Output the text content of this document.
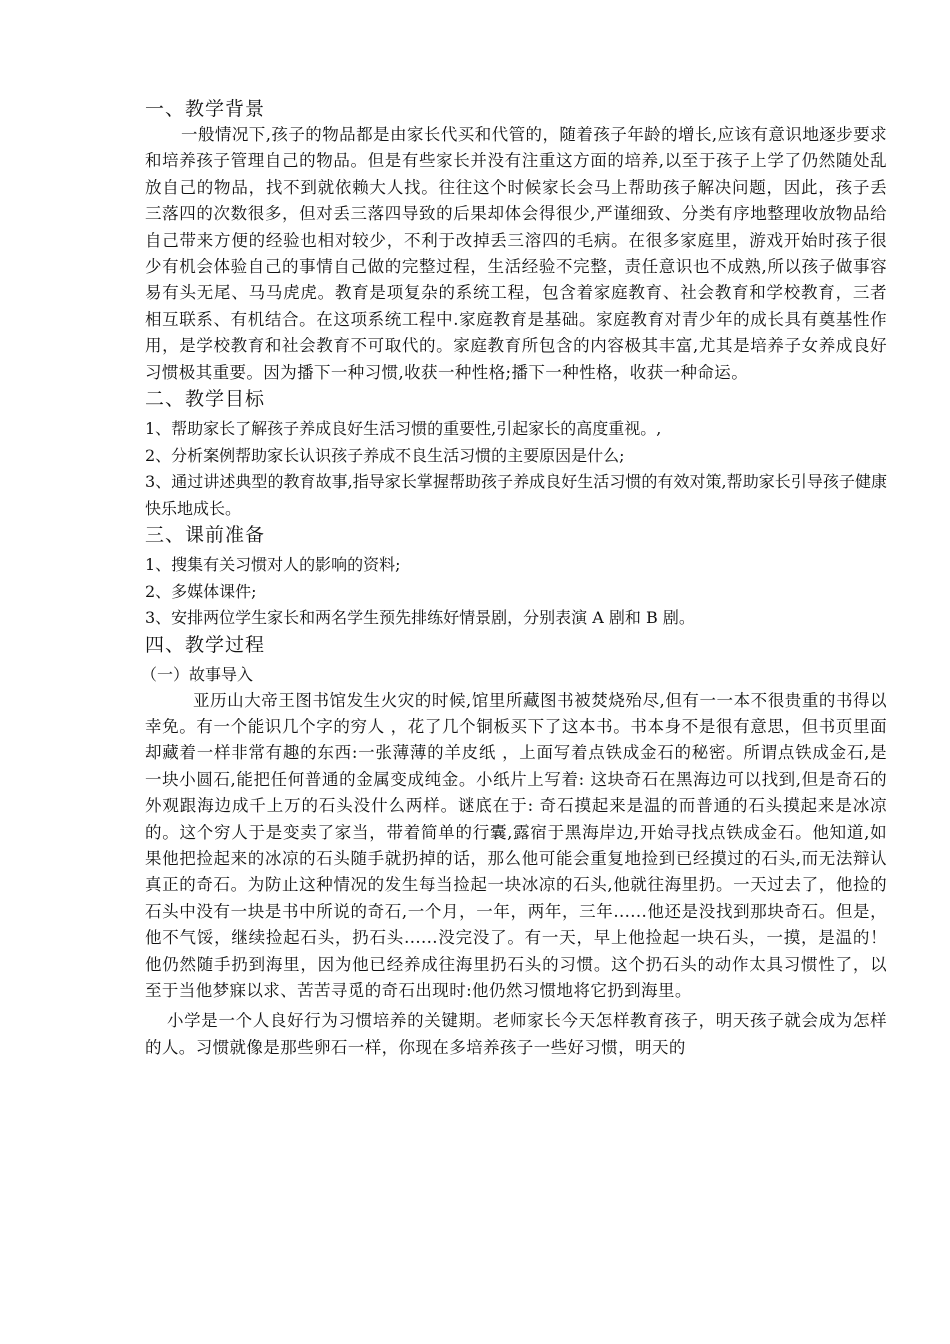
一、教学背景

一般情况下,孩子的物品都是由家长代买和代管的，随着孩子年龄的增长,应该有意识地逐步要求和培养孩子管理自己的物品。但是有些家长并没有注重这方面的培养,以至于孩子上学了仍然随处乱放自己的物品，找不到就依赖大人找。往往这个时候家长会马上帮助孩子解决问题，因此，孩子丢三落四的次数很多，但对丢三落四导致的后果却体会得很少,严谨细致、分类有序地整理收放物品给自己带来方便的经验也相对较少，不利于改掉丢三溶四的毛病。在很多家庭里，游戏开始时孩子很少有机会体验自己的事情自己做的完整过程，生活经验不完整，责任意识也不成熟,所以孩子做事容易有头无尾、马马虎虎。教育是项复杂的系统工程，包含着家庭教育、社会教育和学校教育，三者相互联系、有机结合。在这项系统工程中.家庭教育是基础。家庭教育对青少年的成长具有奠基性作用，是学校教育和社会教育不可取代的。家庭教育所包含的内容极其丰富,尤其是培养子女养成良好习惯极其重要。因为播下一种习惯,收获一种性格;播下一种性格，收获一种命运。

二、教学目标

1、帮助家长了解孩子养成良好生活习惯的重要性,引起家长的高度重视。,

2、分析案例帮助家长认识孩子养成不良生活习惯的主要原因是什么;

3、通过讲述典型的教育故事,指导家长掌握帮助孩子养成良好生活习惯的有效对策,帮助家长引导孩子健康快乐地成长。

三、课前准备

1、搜集有关习惯对人的影响的资料;

2、多媒体课件;

3、安排两位学生家长和两名学生预先排练好情景剧，分别表演 A 剧和 B 剧。

四、教学过程

（一）故事导入

亚历山大帝王图书馆发生火灾的时候,馆里所藏图书被焚烧殆尽,但有一一本不很贵重的书得以幸免。有一个能识几个字的穷人 ，花了几个铜板买下了这本书。书本身不是很有意思，但书页里面却藏着一样非常有趣的东西:一张薄薄的羊皮纸 ，上面写着点铁成金石的秘密。所谓点铁成金石,是一块小圆石,能把任何普通的金属变成纯金。小纸片上写着: 这块奇石在黑海边可以找到,但是奇石的外观跟海边成千上万的石头没什么两样。谜底在于: 奇石摸起来是温的而普通的石头摸起来是冰凉的。这个穷人于是变卖了家当，带着简单的行囊,露宿于黑海岸边,开始寻找点铁成金石。他知道,如果他把捡起来的冰凉的石头随手就扔掉的话，那么他可能会重复地捡到已经摸过的石头,而无法辩认真正的奇石。为防止这种情况的发生每当捡起一块冰凉的石头,他就往海里扔。一天过去了，他捡的石头中没有一块是书中所说的奇石,一个月，一年，两年，三年......他还是没找到那块奇石。但是，他不气馁，继续捡起石头，扔石头......没完没了。有一天，早上他捡起一块石头，一摸，是温的！他仍然随手扔到海里，因为他已经养成往海里扔石头的习惯。这个扔石头的动作太具习惯性了，以至于当他梦寐以求、苦苦寻觅的奇石出现时:他仍然习惯地将它扔到海里。

小学是一个人良好行为习惯培养的关键期。老师家长今天怎样教育孩子，明天孩子就会成为怎样的人。习惯就像是那些卵石一样，你现在多培养孩子一些好习惯，明天的
